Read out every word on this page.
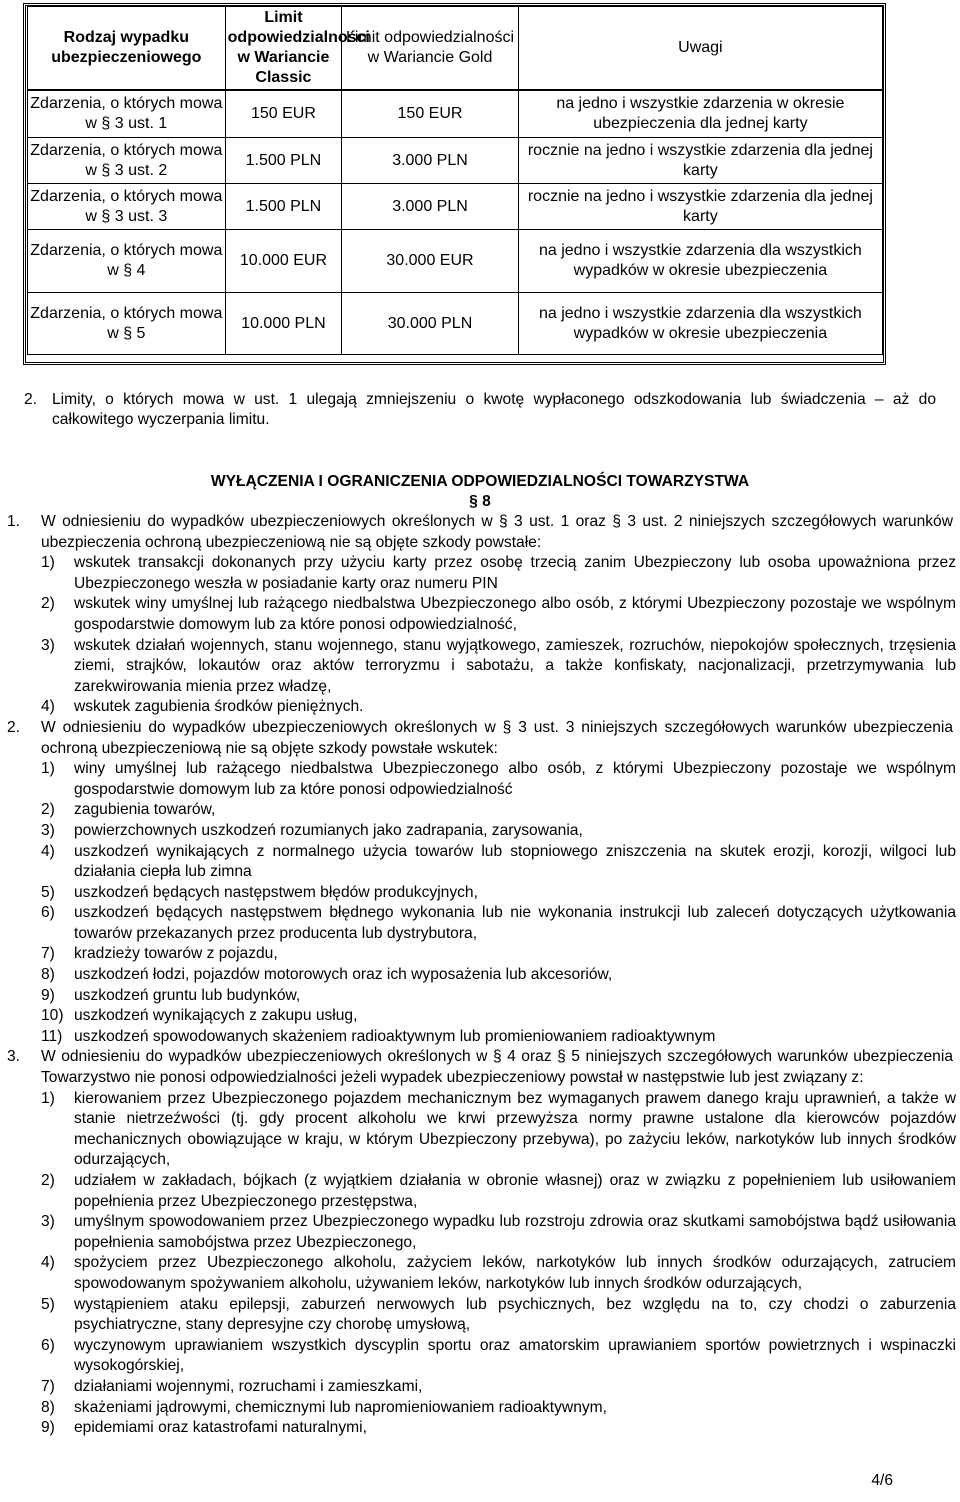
Rodzaj wypadku ubezpieczeniowego	Limit odpowiedzialności w Wariancie Classic	Limit odpowiedzialności w Wariancie Gold	Uwagi

Zdarzenia, o których mowa w § 3 ust. 1	150 EUR	150 EUR	na jedno i wszystkie zdarzenia w okresie ubezpieczenia dla jednej karty
Zdarzenia, o których mowa w § 3 ust. 2	1.500 PLN	3.000 PLN	rocznie na jedno i wszystkie zdarzenia dla jednej karty
Zdarzenia, o których mowa w § 3 ust. 3	1.500 PLN	3.000 PLN	rocznie na jedno i wszystkie zdarzenia dla jednej karty
Zdarzenia, o których mowa w § 4	10.000 EUR	30.000 EUR	na jedno i wszystkie zdarzenia dla wszystkich wypadków w okresie ubezpieczenia
Zdarzenia, o których mowa w § 5	10.000 PLN	30.000 PLN	na jedno i wszystkie zdarzenia dla wszystkich wypadków w okresie ubezpieczenia
2. Limity, o których mowa w ust. 1 ulegają zmniejszeniu o kwotę wypłaconego odszkodowania lub świadczenia – aż do całkowitego wyczerpania limitu.
WYŁĄCZENIA I OGRANICZENIA ODPOWIEDZIALNOŚCI TOWARZYSTWA
§ 8
1. W odniesieniu do wypadków ubezpieczeniowych określonych w § 3 ust. 1 oraz § 3 ust. 2 niniejszych szczegółowych warunków ubezpieczenia ochroną ubezpieczeniową nie są objęte szkody powstałe:
1) wskutek transakcji dokonanych przy użyciu karty przez osobę trzecią zanim Ubezpieczony lub osoba upoważniona przez Ubezpieczonego weszła w posiadanie karty oraz numeru PIN
2) wskutek winy umyślnej lub rażącego niedbalstwa Ubezpieczonego albo osób, z którymi Ubezpieczony pozostaje we wspólnym gospodarstwie domowym lub za które ponosi odpowiedzialność,
3) wskutek działań wojennych, stanu wojennego, stanu wyjątkowego, zamieszek, rozruchów, niepokojów społecznych, trzęsienia ziemi, strajków, lokautów oraz aktów terroryzmu i sabotażu, a także konfiskaty, nacjonalizacji, przetrzymywania lub zarekwirowania mienia przez władzę,
4) wskutek zagubienia środków pieniężnych.
2. W odniesieniu do wypadków ubezpieczeniowych określonych w § 3 ust. 3 niniejszych szczegółowych warunków ubezpieczenia ochroną ubezpieczeniową nie są objęte szkody powstałe wskutek:
1) winy umyślnej lub rażącego niedbalstwa Ubezpieczonego albo osób, z którymi Ubezpieczony pozostaje we wspólnym gospodarstwie domowym lub za które ponosi odpowiedzialność
2) zagubienia towarów,
3) powierzchownych uszkodzeń rozumianych jako zadrapania, zarysowania,
4) uszkodzeń wynikających z normalnego użycia towarów lub stopniowego zniszczenia na skutek erozji, korozji, wilgoci lub działania ciepła lub zimna
5) uszkodzeń będących następstwem błędów produkcyjnych,
6) uszkodzeń będących następstwem błędnego wykonania lub nie wykonania instrukcji lub zaleceń dotyczących użytkowania towarów przekazanych przez producenta lub dystrybutora,
7) kradzieży towarów z pojazdu,
8) uszkodzeń łodzi, pojazdów motorowych oraz ich wyposażenia lub akcesoriów,
9) uszkodzeń gruntu lub budynków,
10) uszkodzeń wynikających z zakupu usług,
11) uszkodzeń spowodowanych skażeniem radioaktywnym lub promieniowaniem radioaktywnym
3. W odniesieniu do wypadków ubezpieczeniowych określonych w § 4 oraz § 5 niniejszych szczegółowych warunków ubezpieczenia Towarzystwo nie ponosi odpowiedzialności jeżeli wypadek ubezpieczeniowy powstał w następstwie lub jest związany z:
1) kierowaniem przez Ubezpieczonego pojazdem mechanicznym bez wymaganych prawem danego kraju uprawnień, a także w stanie nietrzeźwości (tj. gdy procent alkoholu we krwi przewyższa normy prawne ustalone dla kierowców pojazdów mechanicznych obowiązujące w kraju, w którym Ubezpieczony przebywa), po zażyciu leków, narkotyków lub innych środków odurzających,
2) udziałem w zakładach, bójkach (z wyjątkiem działania w obronie własnej) oraz w związku z popełnieniem lub usiłowaniem popełnienia przez Ubezpieczonego przestępstwa,
3) umyślnym spowodowaniem przez Ubezpieczonego wypadku lub rozstroju zdrowia oraz skutkami samobójstwa bądź usiłowania popełnienia samobójstwa przez Ubezpieczonego,
4) spożyciem przez Ubezpieczonego alkoholu, zażyciem leków, narkotyków lub innych środków odurzających, zatruciem spowodowanym spożywaniem alkoholu, używaniem leków, narkotyków lub innych środków odurzających,
5) wystąpieniem ataku epilepsji, zaburzeń nerwowych lub psychicznych, bez względu na to, czy chodzi o zaburzenia psychiatryczne, stany depresyjne czy chorobę umysłową,
6) wyczynowym uprawianiem wszystkich dyscyplin sportu oraz amatorskim uprawianiem sportów powietrznych i wspinaczki wysokogórskiej,
7) działaniami wojennymi, rozruchami i zamieszkami,
8) skażeniami jądrowymi, chemicznymi lub napromieniowaniem radioaktywnym,
9) epidemiami oraz katastrofami naturalnymi,
4/6
